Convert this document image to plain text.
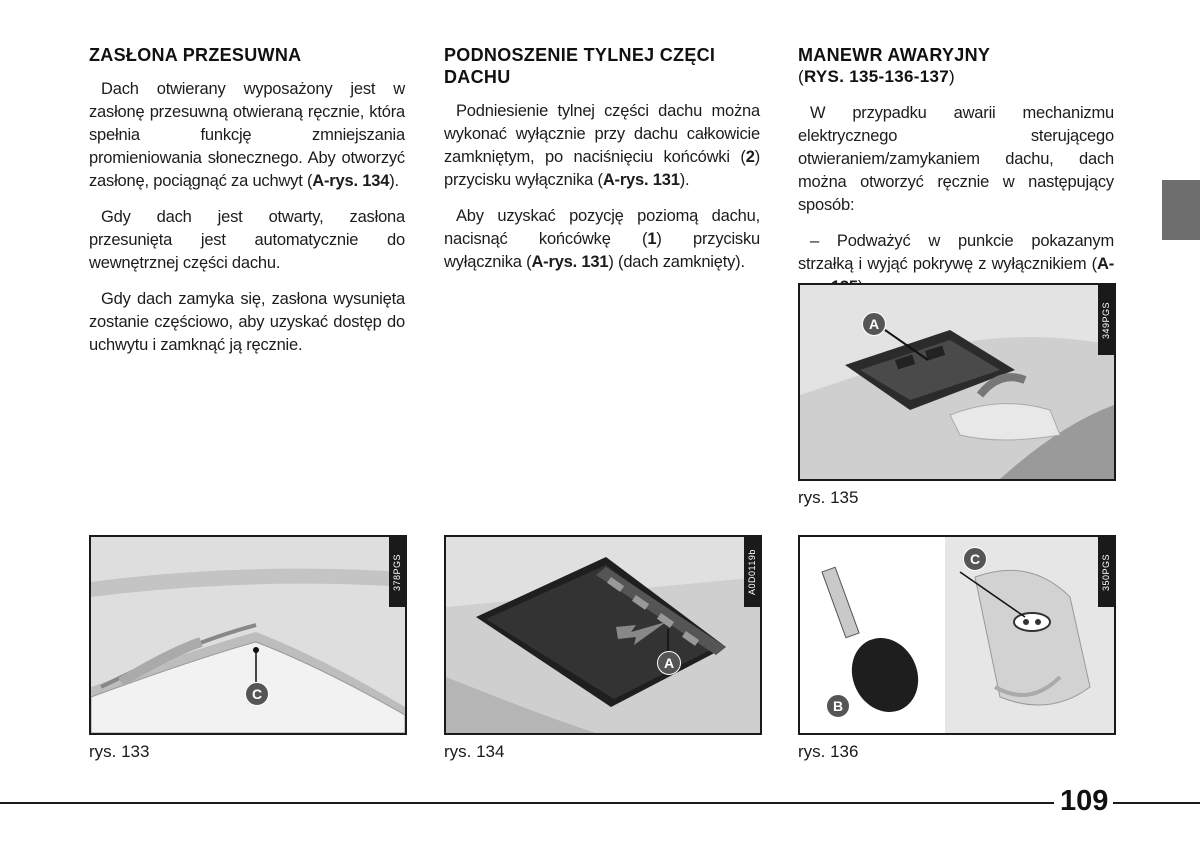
ZASŁONA PRZESUWNA

Dach otwierany wyposażony jest w zasłonę przesuwną otwieraną ręcznie, która spełnia funkcję zmniejszania promieniowania słonecznego. Aby otworzyć zasłonę, pociągnąć za uchwyt (A-rys. 134).

Gdy dach jest otwarty, zasłona przesunięta jest automatycznie do wewnętrznej części dachu.

Gdy dach zamyka się, zasłona wysunięta zostanie częściowo, aby uzyskać dostęp do uchwytu i zamknąć ją ręcznie.

PODNOSZENIE TYLNEJ CZĘCI DACHU

Podniesienie tylnej części dachu można wykonać wyłącznie przy dachu całkowicie zamkniętym, po naciśnięciu końcówki (2) przycisku wyłącznika (A-rys. 131).

Aby uzyskać pozycję poziomą dachu, nacisnąć końcówkę (1) przycisku wyłącznika (A-rys. 131) (dach zamknięty).

MANEWR AWARYJNY
(RYS. 135-136-137)

W przypadku awarii mechanizmu elektrycznego sterującego otwieraniem/zamykaniem dachu, dach można otworzyć ręcznie w następujący sposób:

– Podważyć w punkcie pokazanym strzałką i wyjąć pokrywę z wyłącznikiem (A-

A	349PGS
rys. 135
C
378PGS
rys. 133
A
A0D0119b
rys. 134
C
B
350PGS
rys. 136
109
